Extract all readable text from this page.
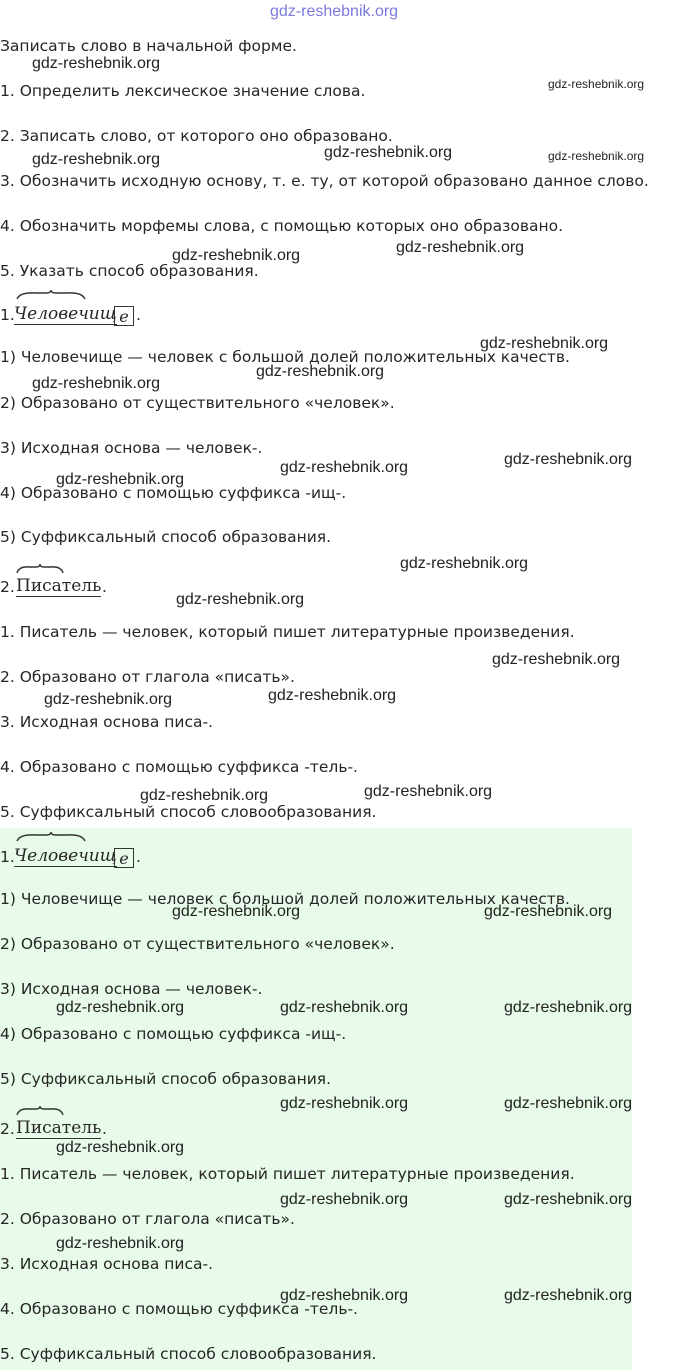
gdz-reshebnik.org
Записать слово в начальной форме.
1. Определить лексическое значение слова.
2. Записать слово, от которого оно образовано.
3. Обозначить исходную основу, т. е. ту, от которой образовано данное слово.
4. Обозначить морфемы слова, с помощью которых оно образовано.
5. Указать способ образования.
1. Человечищ е .
1) Человечище — человек с большой долей положительных качеств.
2) Образовано от существительного «человек».
3) Исходная основа — человек-.
4) Образовано с помощью суффикса -ищ-.
5) Суффиксальный способ образования.
2. Писатель .
1. Писатель — человек, который пишет литературные произведения.
2. Образовано от глагола «писать».
3. Исходная основа писа-.
4. Образовано с помощью суффикса -тель-.
5. Суффиксальный способ словообразования.
1. Человечищ е .
1) Человечище — человек с большой долей положительных качеств.
2) Образовано от существительного «человек».
3) Исходная основа — человек-.
4) Образовано с помощью суффикса -ищ-.
5) Суффиксальный способ образования.
2. Писатель .
1. Писатель — человек, который пишет литературные произведения.
2. Образовано от глагола «писать».
3. Исходная основа писа-.
4. Образовано с помощью суффикса -тель-.
5. Суффиксальный способ словообразования.
gdz-reshebnik.org
gdz-reshebnik.org
gdz-reshebnik.org	gdz-reshebnik.org	gdz-reshebnik.org
gdz-reshebnik.org	gdz-reshebnik.org
gdz-reshebnik.org
gdz-reshebnik.org
gdz-reshebnik.org
gdz-reshebnik.org
gdz-reshebnik.org
gdz-reshebnik.org
gdz-reshebnik.org
gdz-reshebnik.org
gdz-reshebnik.org
gdz-reshebnik.org
gdz-reshebnik.org
gdz-reshebnik.org
gdz-reshebnik.org
gdz-reshebnik.org	gdz-reshebnik.org
gdz-reshebnik.org	gdz-reshebnik.org	gdz-reshebnik.org
gdz-reshebnik.org	gdz-reshebnik.org
gdz-reshebnik.org
gdz-reshebnik.org	gdz-reshebnik.org
gdz-reshebnik.org
gdz-reshebnik.org	gdz-reshebnik.org
